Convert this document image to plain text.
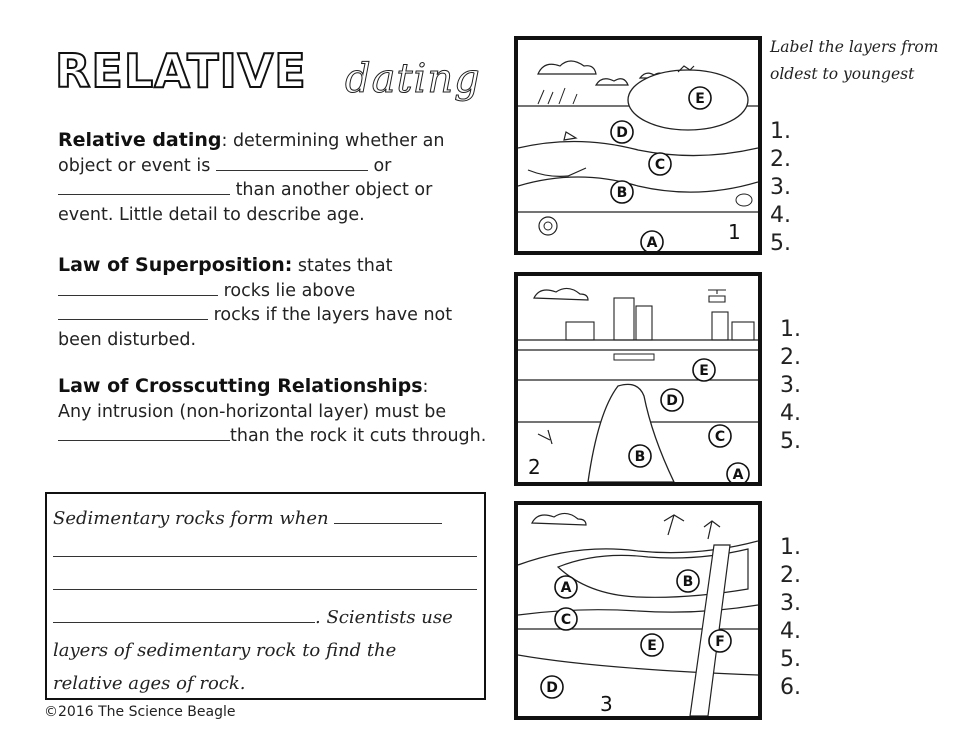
RELATIVE dating
Relative dating: determining whether an object or event is	or  than another object or event. Little detail to describe age.
Law of Superposition: states that  rocks lie above  rocks if the layers have not been disturbed.
Law of Crosscutting Relationships:
Any intrusion (non-horizontal layer) must be than the rock it cuts through.
Sedimentary rocks form when
. Scientists use
layers of sedimentary rock to find the
relative ages of rock.
©2016 The Science Beagle
Label the layers from oldest to youngest
E
D
C
B
A	1
1.
2.
3.
4.
5.
E
D
C
B
A
2
1.
2.
3.
4.
5.
A	B
C
E	F
D
3
1.
2.
3.
4.
5.
6.
